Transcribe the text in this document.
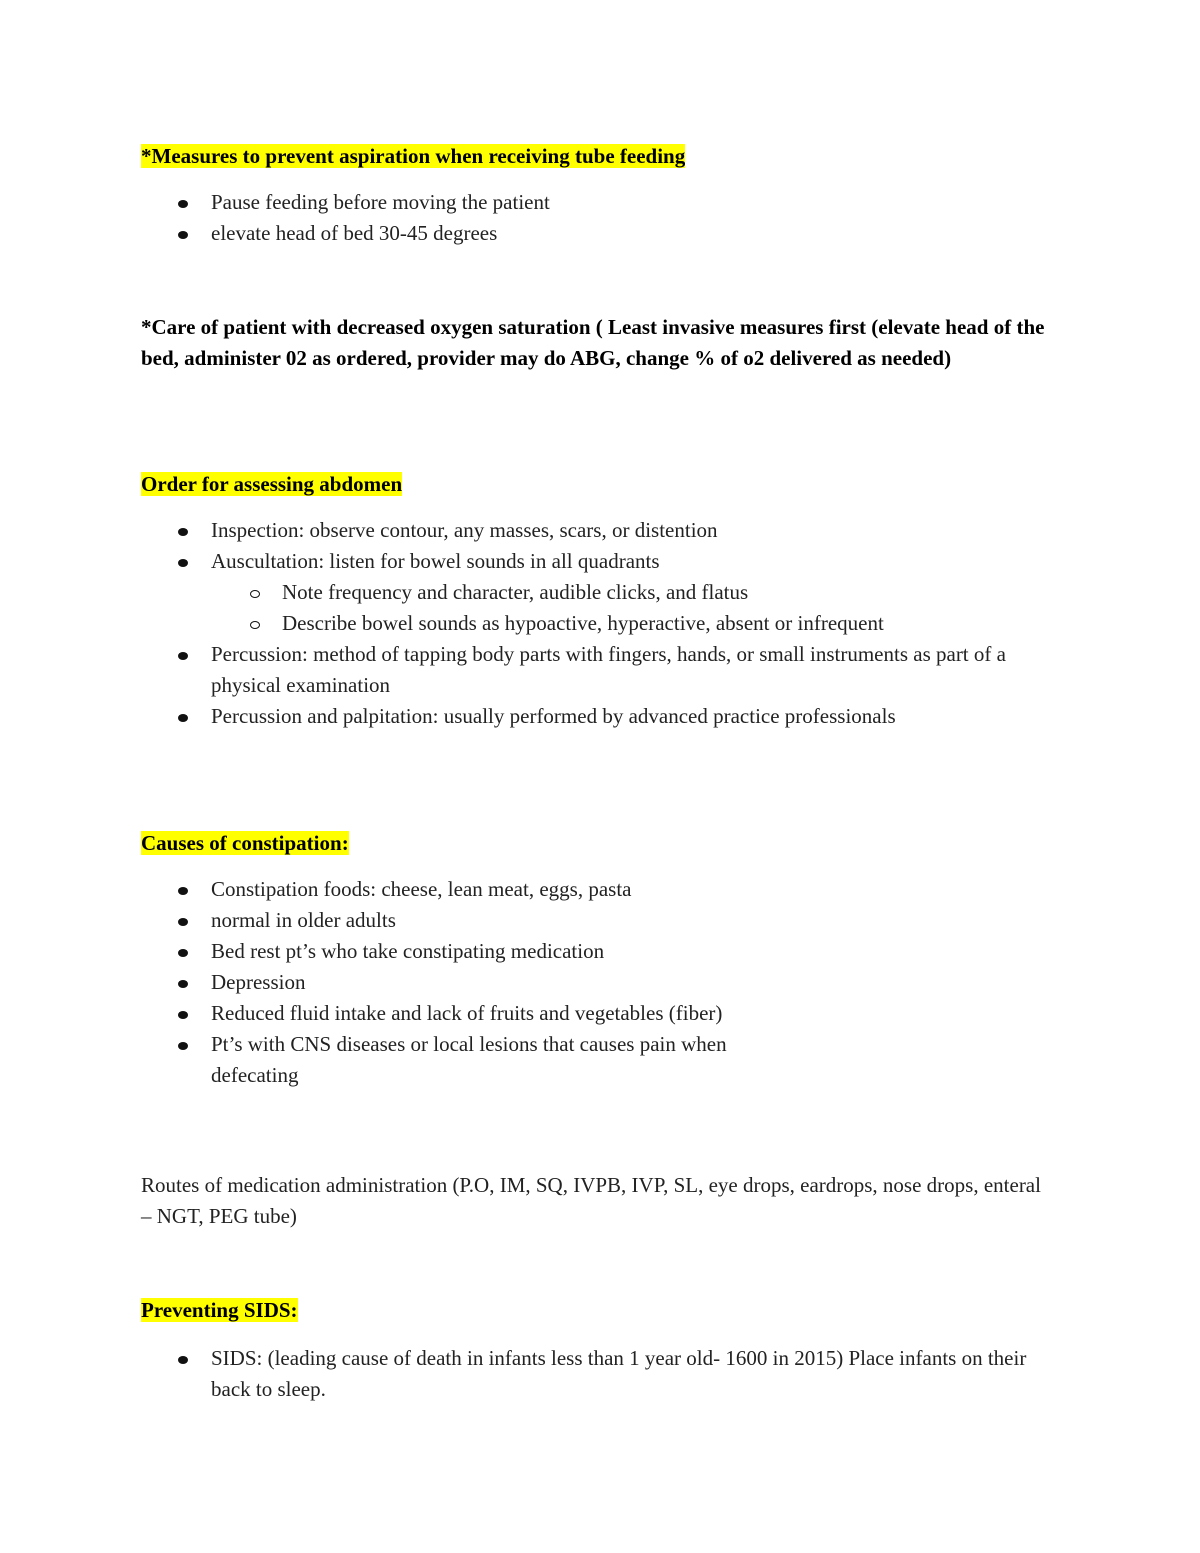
*Measures to prevent aspiration when receiving tube feeding
Pause feeding before moving the patient
elevate head of bed 30-45 degrees
*Care of patient with decreased oxygen saturation ( Least invasive measures first (elevate head of the bed, administer 02 as ordered, provider may do ABG, change % of o2 delivered as needed)
Order for assessing abdomen
Inspection: observe contour, any masses, scars, or distention
Auscultation: listen for bowel sounds in all quadrants
Note frequency and character, audible clicks, and flatus
Describe bowel sounds as hypoactive, hyperactive, absent or infrequent
Percussion: method of tapping body parts with fingers, hands, or small instruments as part of a physical examination
Percussion and palpitation: usually performed by advanced practice professionals
Causes of constipation:
Constipation foods: cheese, lean meat, eggs, pasta
normal in older adults
Bed rest pt’s who take constipating medication
Depression
Reduced fluid intake and lack of fruits and vegetables (fiber)
Pt’s with CNS diseases or local lesions that causes pain when defecating
Routes of medication administration (P.O, IM, SQ, IVPB, IVP, SL, eye drops, eardrops, nose drops, enteral – NGT, PEG tube)
Preventing SIDS:
SIDS: (leading cause of death in infants less than 1 year old- 1600 in 2015) Place infants on their back to sleep.
